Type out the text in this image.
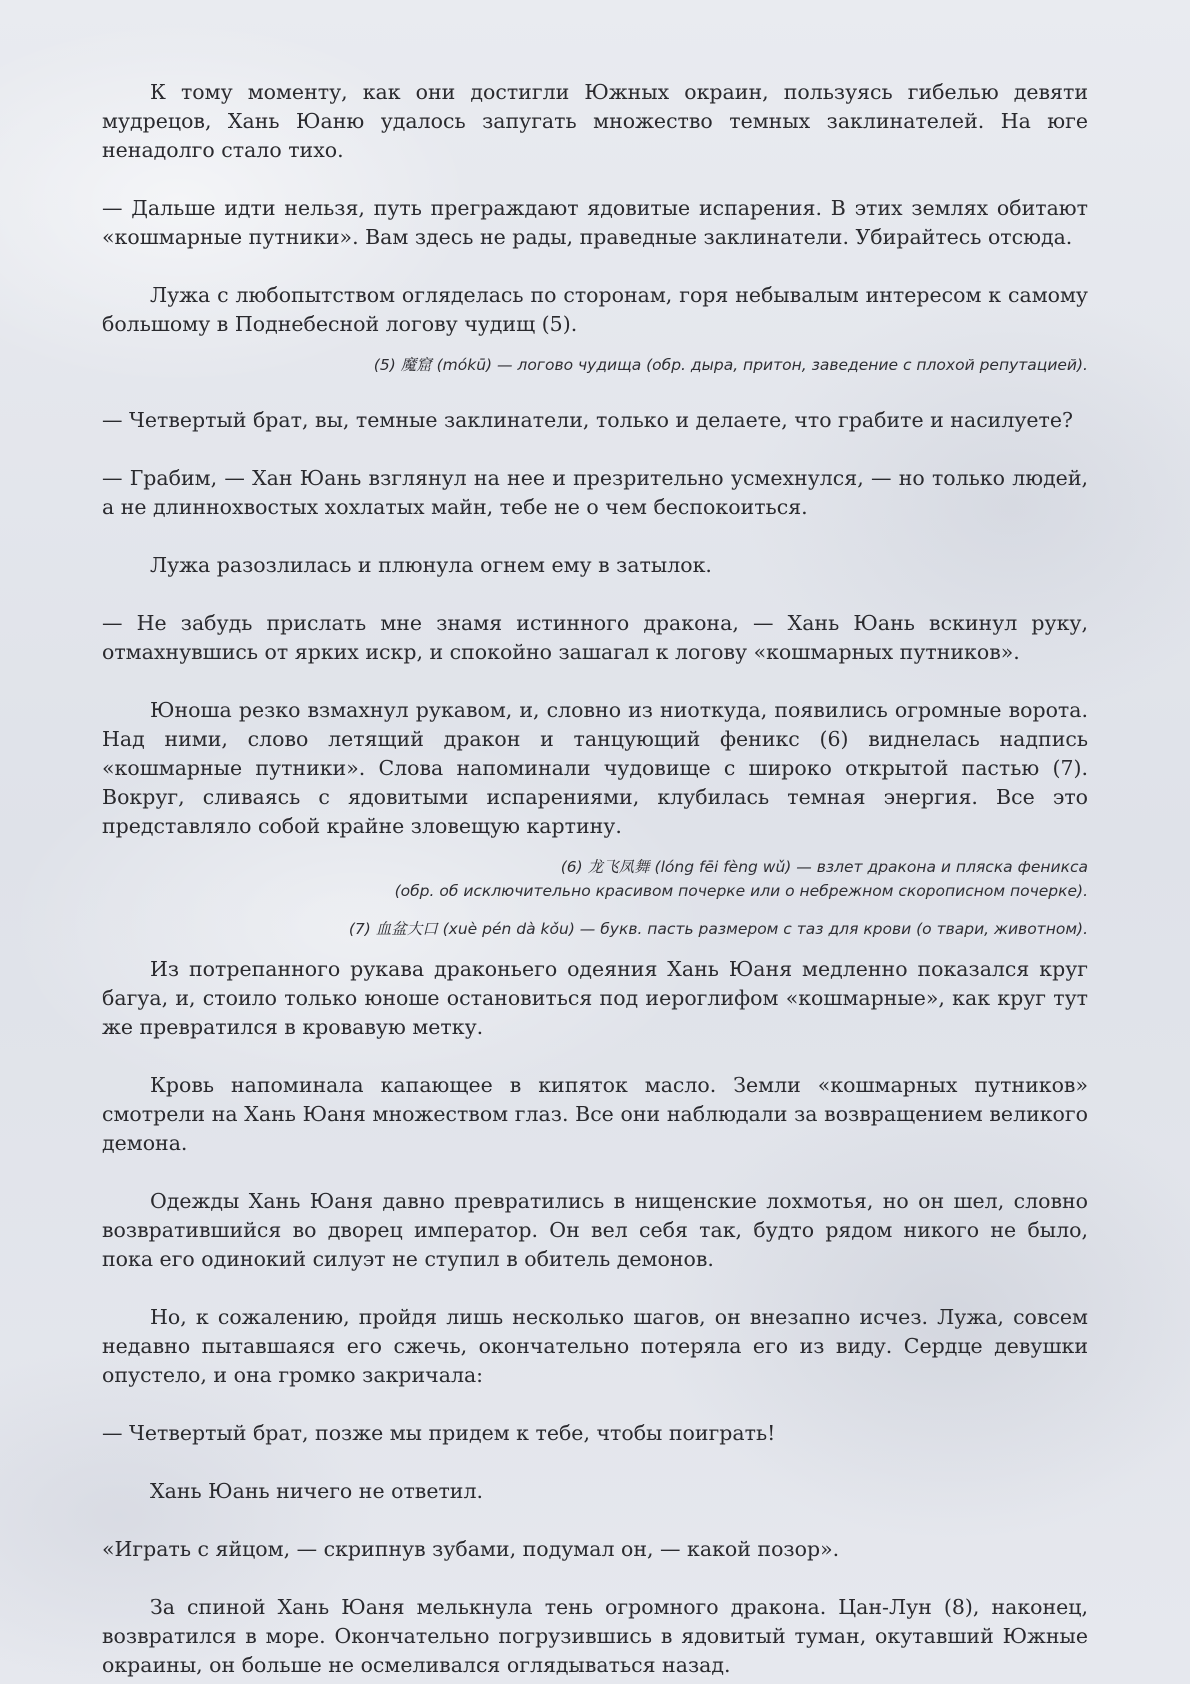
К тому моменту, как они достигли Южных окраин, пользуясь гибелью девяти мудрецов, Хань Юаню удалось запугать множество темных заклинателей. На юге ненадолго стало тихо.

— Дальше идти нельзя, путь преграждают ядовитые испарения. В этих землях обитают «кошмарные путники». Вам здесь не рады, праведные заклинатели. Убирайтесь отсюда.

Лужа с любопытством огляделась по сторонам, горя небывалым интересом к самому большому в Поднебесной логову чудищ (5).

(5) 魔窟 (mókū) — логово чудища (обр. дыра, притон, заведение с плохой репутацией).

— Четвертый брат, вы, темные заклинатели, только и делаете, что грабите и насилуете?

— Грабим, — Хан Юань взглянул на нее и презрительно усмехнулся, — но только людей, а не длиннохвостых хохлатых майн, тебе не о чем беспокоиться.

Лужа разозлилась и плюнула огнем ему в затылок.

— Не забудь прислать мне знамя истинного дракона, — Хань Юань вскинул руку, отмахнувшись от ярких искр, и спокойно зашагал к логову «кошмарных путников».

Юноша резко взмахнул рукавом, и, словно из ниоткуда, появились огромные ворота. Над ними, слово летящий дракон и танцующий феникс (6) виднелась надпись «кошмарные путники». Слова напоминали чудовище с широко открытой пастью (7). Вокруг, сливаясь с ядовитыми испарениями, клубилась темная энергия. Все это представляло собой крайне зловещую картину.

(6) 龙飞凤舞 (lóng fēi fèng wǔ) — взлет дракона и пляска феникса

(обр. об исключительно красивом почерке или о небрежном скорописном почерке).

(7) 血盆大口 (xuè pén dà kǒu) — букв. пасть размером с таз для крови (о твари, животном).

Из потрепанного рукава драконьего одеяния Хань Юаня медленно показался круг багуа, и, стоило только юноше остановиться под иероглифом «кошмарные», как круг тут же превратился в кровавую метку.

Кровь напоминала капающее в кипяток масло. Земли «кошмарных путников» смотрели на Хань Юаня множеством глаз. Все они наблюдали за возвращением великого демона.

Одежды Хань Юаня давно превратились в нищенские лохмотья, но он шел, словно возвратившийся во дворец император. Он вел себя так, будто рядом никого не было, пока его одинокий силуэт не ступил в обитель демонов.

Но, к сожалению, пройдя лишь несколько шагов, он внезапно исчез. Лужа, совсем недавно пытавшаяся его сжечь, окончательно потеряла его из виду. Сердце девушки опустело, и она громко закричала:

— Четвертый брат, позже мы придем к тебе, чтобы поиграть!

Хань Юань ничего не ответил.

«Играть с яйцом, — скрипнув зубами, подумал он, — какой позор».

За спиной Хань Юаня мелькнула тень огромного дракона. Цан-Лун (8), наконец, возвратился в море. Окончательно погрузившись в ядовитый туман, окутавший Южные окраины, он больше не осмеливался оглядываться назад.
